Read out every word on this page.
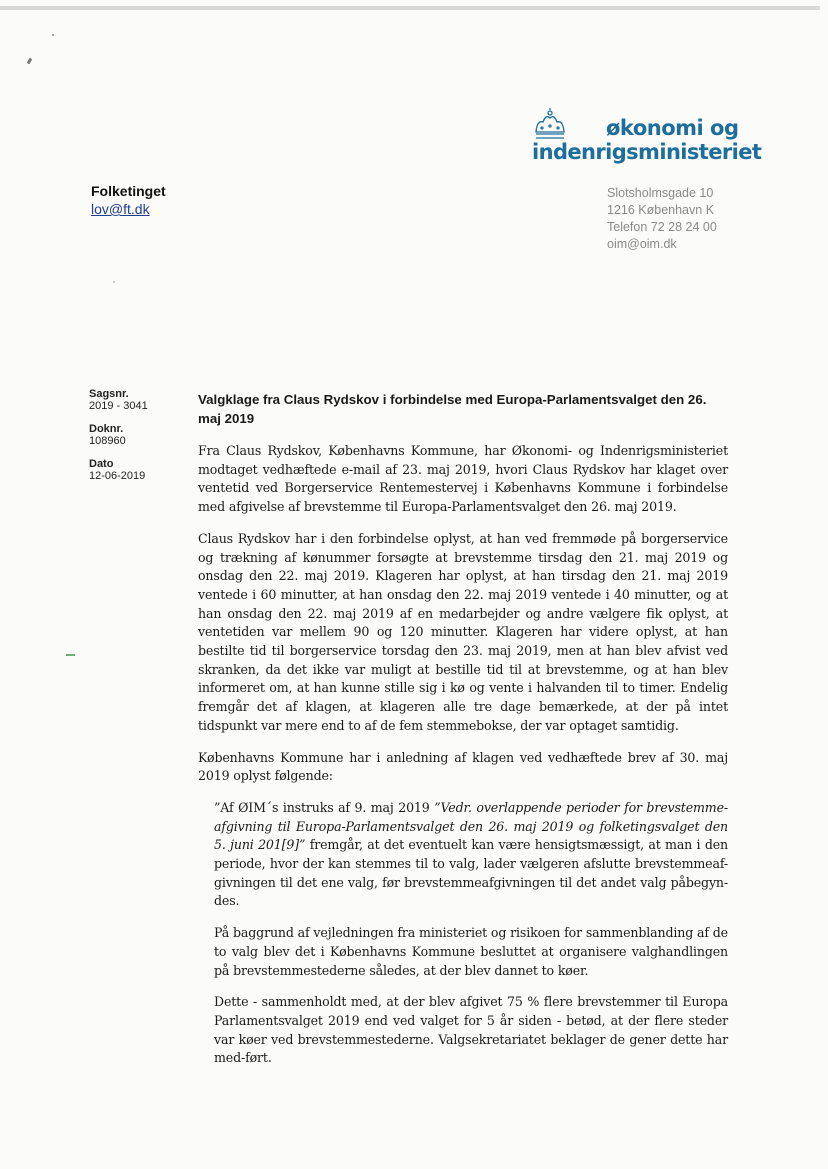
økonomi og
indenrigsministeriet
Folketinget
lov@ft.dk
Slotsholmsgade 10
1216 København K
Telefon 72 28 24 00
oim@oim.dk
Sagsnr.
2019 - 3041
Doknr.
108960
Dato
12-06-2019
Valgklage fra Claus Rydskov i forbindelse med Europa-Parlamentsvalget den 26. maj 2019

Fra Claus Rydskov, Københavns Kommune, har Økonomi- og Indenrigsministeriet modtaget vedhæftede e-mail af 23. maj 2019, hvori Claus Rydskov har klaget over ventetid ved Borgerservice Rentemestervej i Københavns Kommune i forbindelse med afgivelse af brevstemme til Europa-Parlamentsvalget den 26. maj 2019.

Claus Rydskov har i den forbindelse oplyst, at han ved fremmøde på borgerservice og trækning af kønummer forsøgte at brevstemme tirsdag den 21. maj 2019 og onsdag den 22. maj 2019. Klageren har oplyst, at han tirsdag den 21. maj 2019 ventede i 60 minutter, at han onsdag den 22. maj 2019 ventede i 40 minutter, og at han onsdag den 22. maj 2019 af en medarbejder og andre vælgere fik oplyst, at ventetiden var mellem 90 og 120 minutter. Klageren har videre oplyst, at han bestilte tid til borgerservice torsdag den 23. maj 2019, men at han blev afvist ved skranken, da det ikke var muligt at bestille tid til at brevstemme, og at han blev informeret om, at han kunne stille sig i kø og vente i halvanden til to timer. Endelig fremgår det af klagen, at klageren alle tre dage bemærkede, at der på intet tidspunkt var mere end to af de fem stemmebokse, der var optaget samtidig.

Københavns Kommune har i anledning af klagen ved vedhæftede brev af 30. maj 2019 oplyst følgende:

”Af ØIM´s instruks af 9. maj 2019 ”Vedr. overlappende perioder for brevstemme-afgivning til Europa-Parlamentsvalget den 26. maj 2019 og folketingsvalget den 5. juni 201[9]” fremgår, at det eventuelt kan være hensigtsmæssigt, at man i den periode, hvor der kan stemmes til to valg, lader vælgeren afslutte brevstemmeaf-givningen til det ene valg, før brevstemmeafgivningen til det andet valg påbegyn-des.

På baggrund af vejledningen fra ministeriet og risikoen for sammenblanding af de to valg blev det i Københavns Kommune besluttet at organisere valghandlingen på brevstemmestederne således, at der blev dannet to køer.

Dette - sammenholdt med, at der blev afgivet 75 % flere brevstemmer til Europa Parlamentsvalget 2019 end ved valget for 5 år siden - betød, at der flere steder var køer ved brevstemmestederne. Valgsekretariatet beklager de gener dette har med-ført.
